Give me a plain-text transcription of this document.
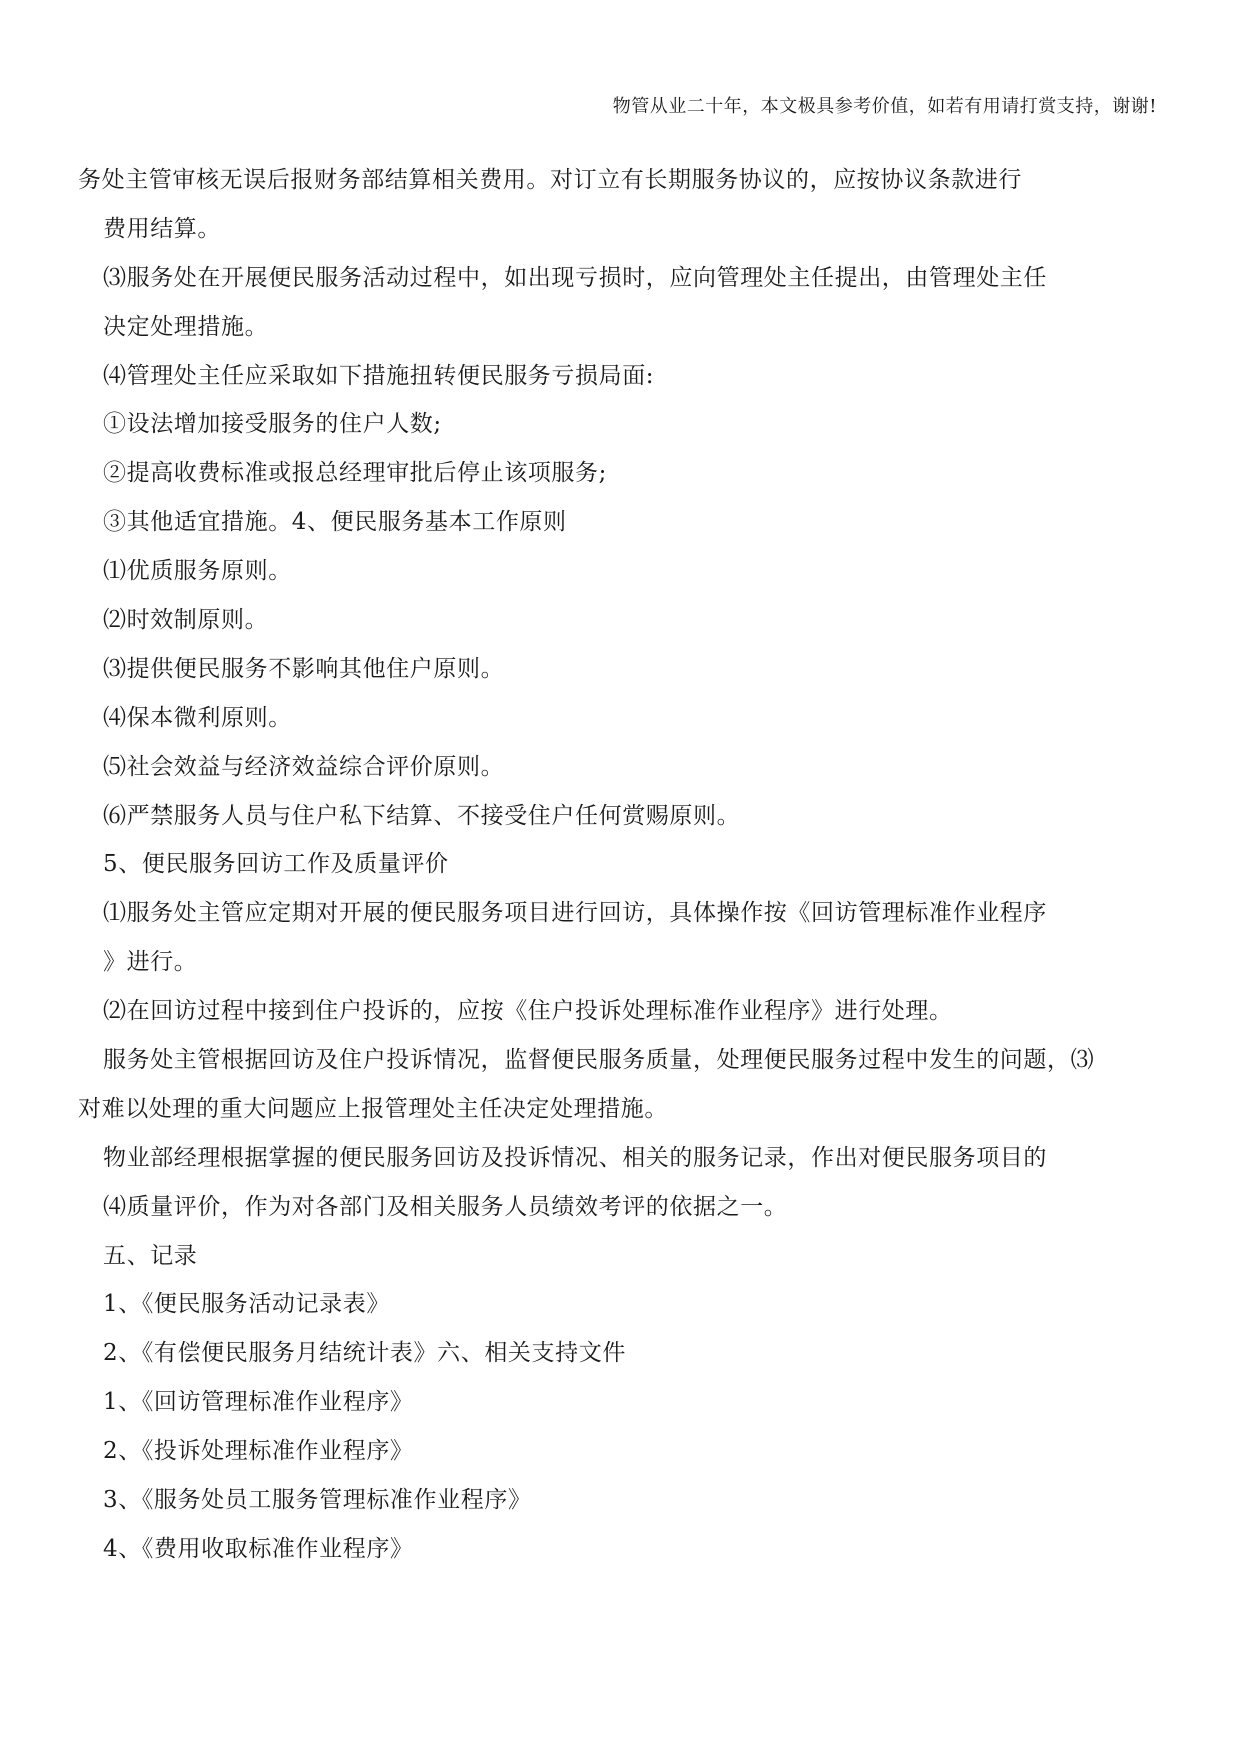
物管从业二十年，本文极具参考价值，如若有用请打赏支持，谢谢!
务处主管审核无误后报财务部结算相关费用。对订立有长期服务协议的，应按协议条款进行
费用结算。
⑶服务处在开展便民服务活动过程中，如出现亏损时，应向管理处主任提出，由管理处主任
决定处理措施。
⑷管理处主任应采取如下措施扭转便民服务亏损局面:
①设法增加接受服务的住户人数;
②提高收费标准或报总经理审批后停止该项服务;
③其他适宜措施。4、便民服务基本工作原则
⑴优质服务原则。
⑵时效制原则。
⑶提供便民服务不影响其他住户原则。
⑷保本微利原则。
⑸社会效益与经济效益综合评价原则。
⑹严禁服务人员与住户私下结算、不接受住户任何赏赐原则。
5、便民服务回访工作及质量评价
⑴服务处主管应定期对开展的便民服务项目进行回访，具体操作按《回访管理标准作业程序
》进行。
⑵在回访过程中接到住户投诉的，应按《住户投诉处理标准作业程序》进行处理。
服务处主管根据回访及住户投诉情况，监督便民服务质量，处理便民服务过程中发生的问题，⑶
对难以处理的重大问题应上报管理处主任决定处理措施。
物业部经理根据掌握的便民服务回访及投诉情况、相关的服务记录，作出对便民服务项目的
⑷质量评价，作为对各部门及相关服务人员绩效考评的依据之一。
五、记录
1、《便民服务活动记录表》
2、《有偿便民服务月结统计表》六、相关支持文件
1、《回访管理标准作业程序》
2、《投诉处理标准作业程序》
3、《服务处员工服务管理标准作业程序》
4、《费用收取标准作业程序》
